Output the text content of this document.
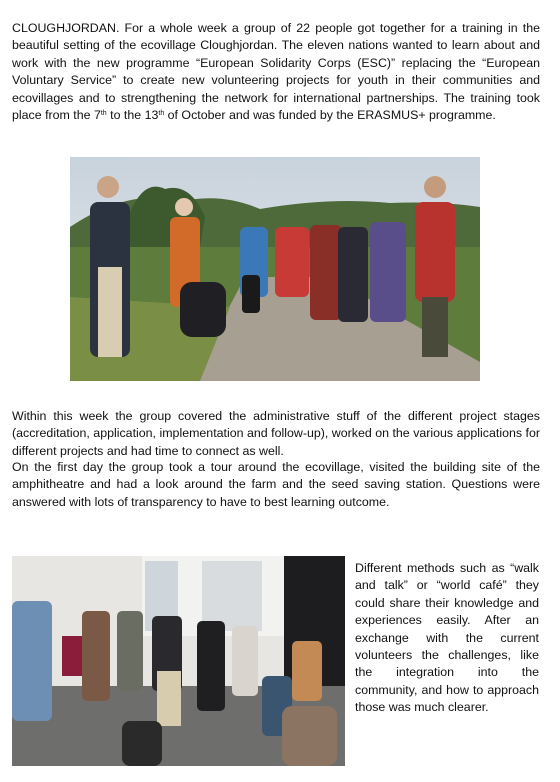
CLOUGHJORDAN. For a whole week a group of 22 people got together for a training in the beautiful setting of the ecovillage Cloughjordan. The eleven nations wanted to learn about and work with the new programme “European Solidarity Corps (ESC)” replacing the “European Voluntary Service” to create new volunteering projects for youth in their communities and ecovillages and to strengthening the network for international partnerships. The training took place from the 7th to the 13th of October and was funded by the ERASMUS+ programme.

Within this week the group covered the administrative stuff of the different project stages (accreditation, application, implementation and follow-up), worked on the various applications for different projects and had time to connect as well.

On the first day the group took a tour around the ecovillage, visited the building site of the amphitheatre and had a look around the farm and the seed saving station. Questions were answered with lots of transparency to have to best learning outcome.

Different methods such as “walk and talk” or “world café” they could share their knowledge and experiences easily. After an exchange with the current volunteers the challenges, like the integration into the community, and how to approach those was much clearer.
